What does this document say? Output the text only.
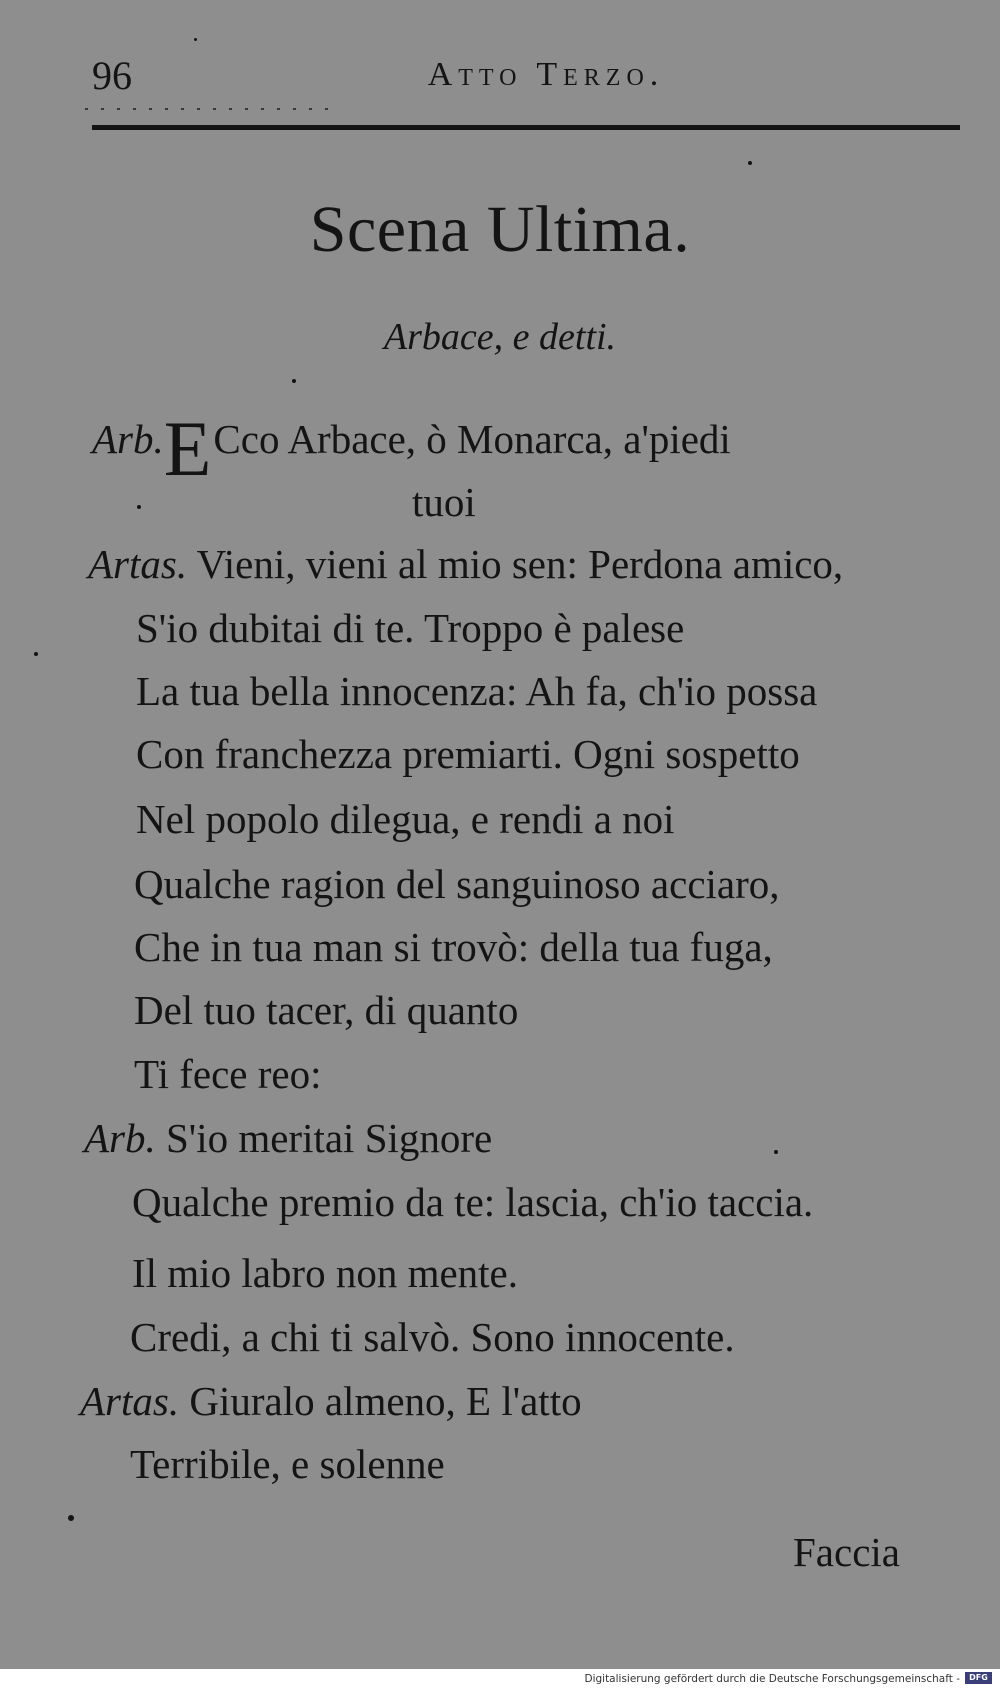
96	Atto Terzo.
Scena Ultima.
Arbace, e detti.
Arb.ECco Arbace, ò Monarca, a'piedi
tuoi
Artas. Vieni, vieni al mio sen: Perdona amico,
S'io dubitai di te. Troppo è palese
La tua bella innocenza: Ah fa, ch'io possa
Con franchezza premiarti. Ogni sospetto
Nel popolo dilegua, e rendi a noi
Qualche ragion del sanguinoso acciaro,
Che in tua man si trovò: della tua fuga,
Del tuo tacer, di quanto
Ti fece reo:
Arb. S'io meritai Signore
Qualche premio da te: lascia, ch'io taccia.
Il mio labro non mente.
Credi, a chi ti salvò. Sono innocente.
Artas. Giuralo almeno, E l'atto
Terribile, e solenne
Faccia
Digitalisierung gefördert durch die Deutsche Forschungsgemeinschaft -	DFG
